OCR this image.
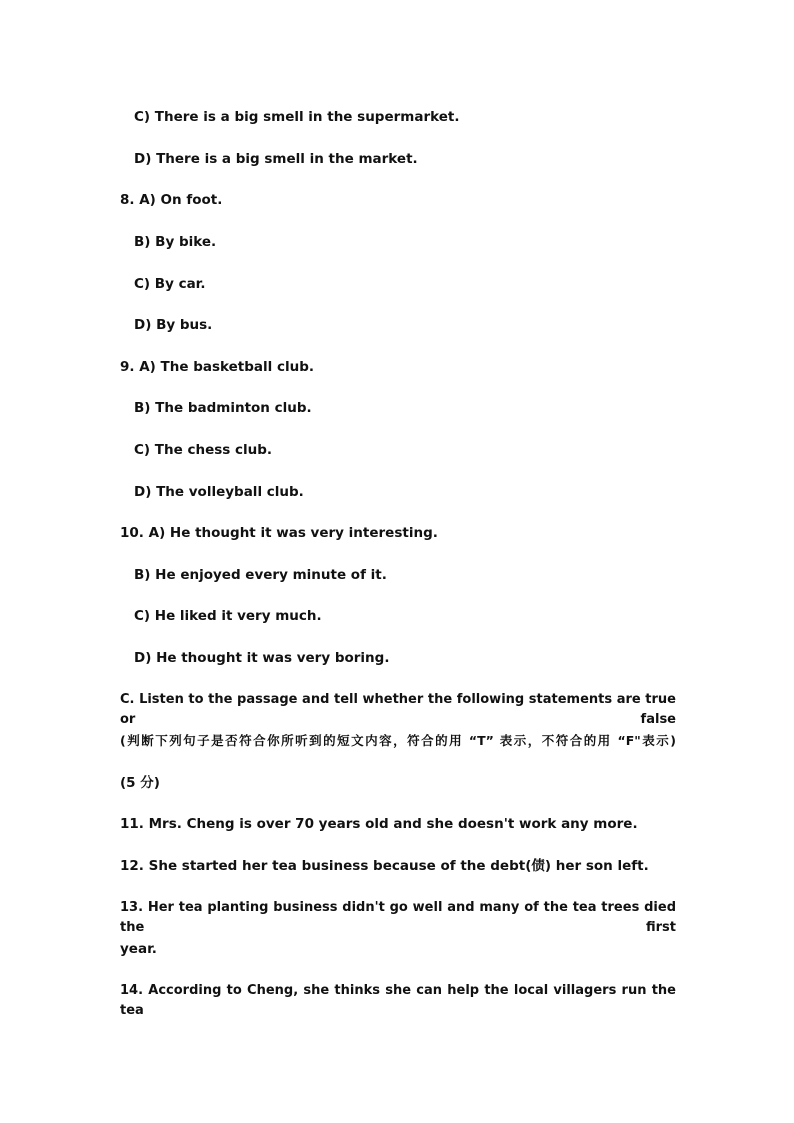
C) There is a big smell in the supermarket.
D) There is a big smell in the market.
8. A) On foot.
B) By bike.
C) By car.
D) By bus.
9. A) The basketball club.
B) The badminton club.
C) The chess club.
D) The volleyball club.
10. A) He thought it was very interesting.
B) He enjoyed every minute of it.
C) He liked it very much.
D) He thought it was very boring.
C. Listen to the passage and tell whether the following statements are true or false
(判断下列句子是否符合你所听到的短文内容，符合的用 “T” 表示，不符合的用 “F"表示)
(5 分)
11. Mrs. Cheng is over 70 years old and she doesn't work any more.
12. She started her tea business because of the debt(债) her son left.
13. Her tea planting business didn't go well and many of the tea trees died the first
year.
14. According to Cheng, she thinks she can help the local villagers run the tea
